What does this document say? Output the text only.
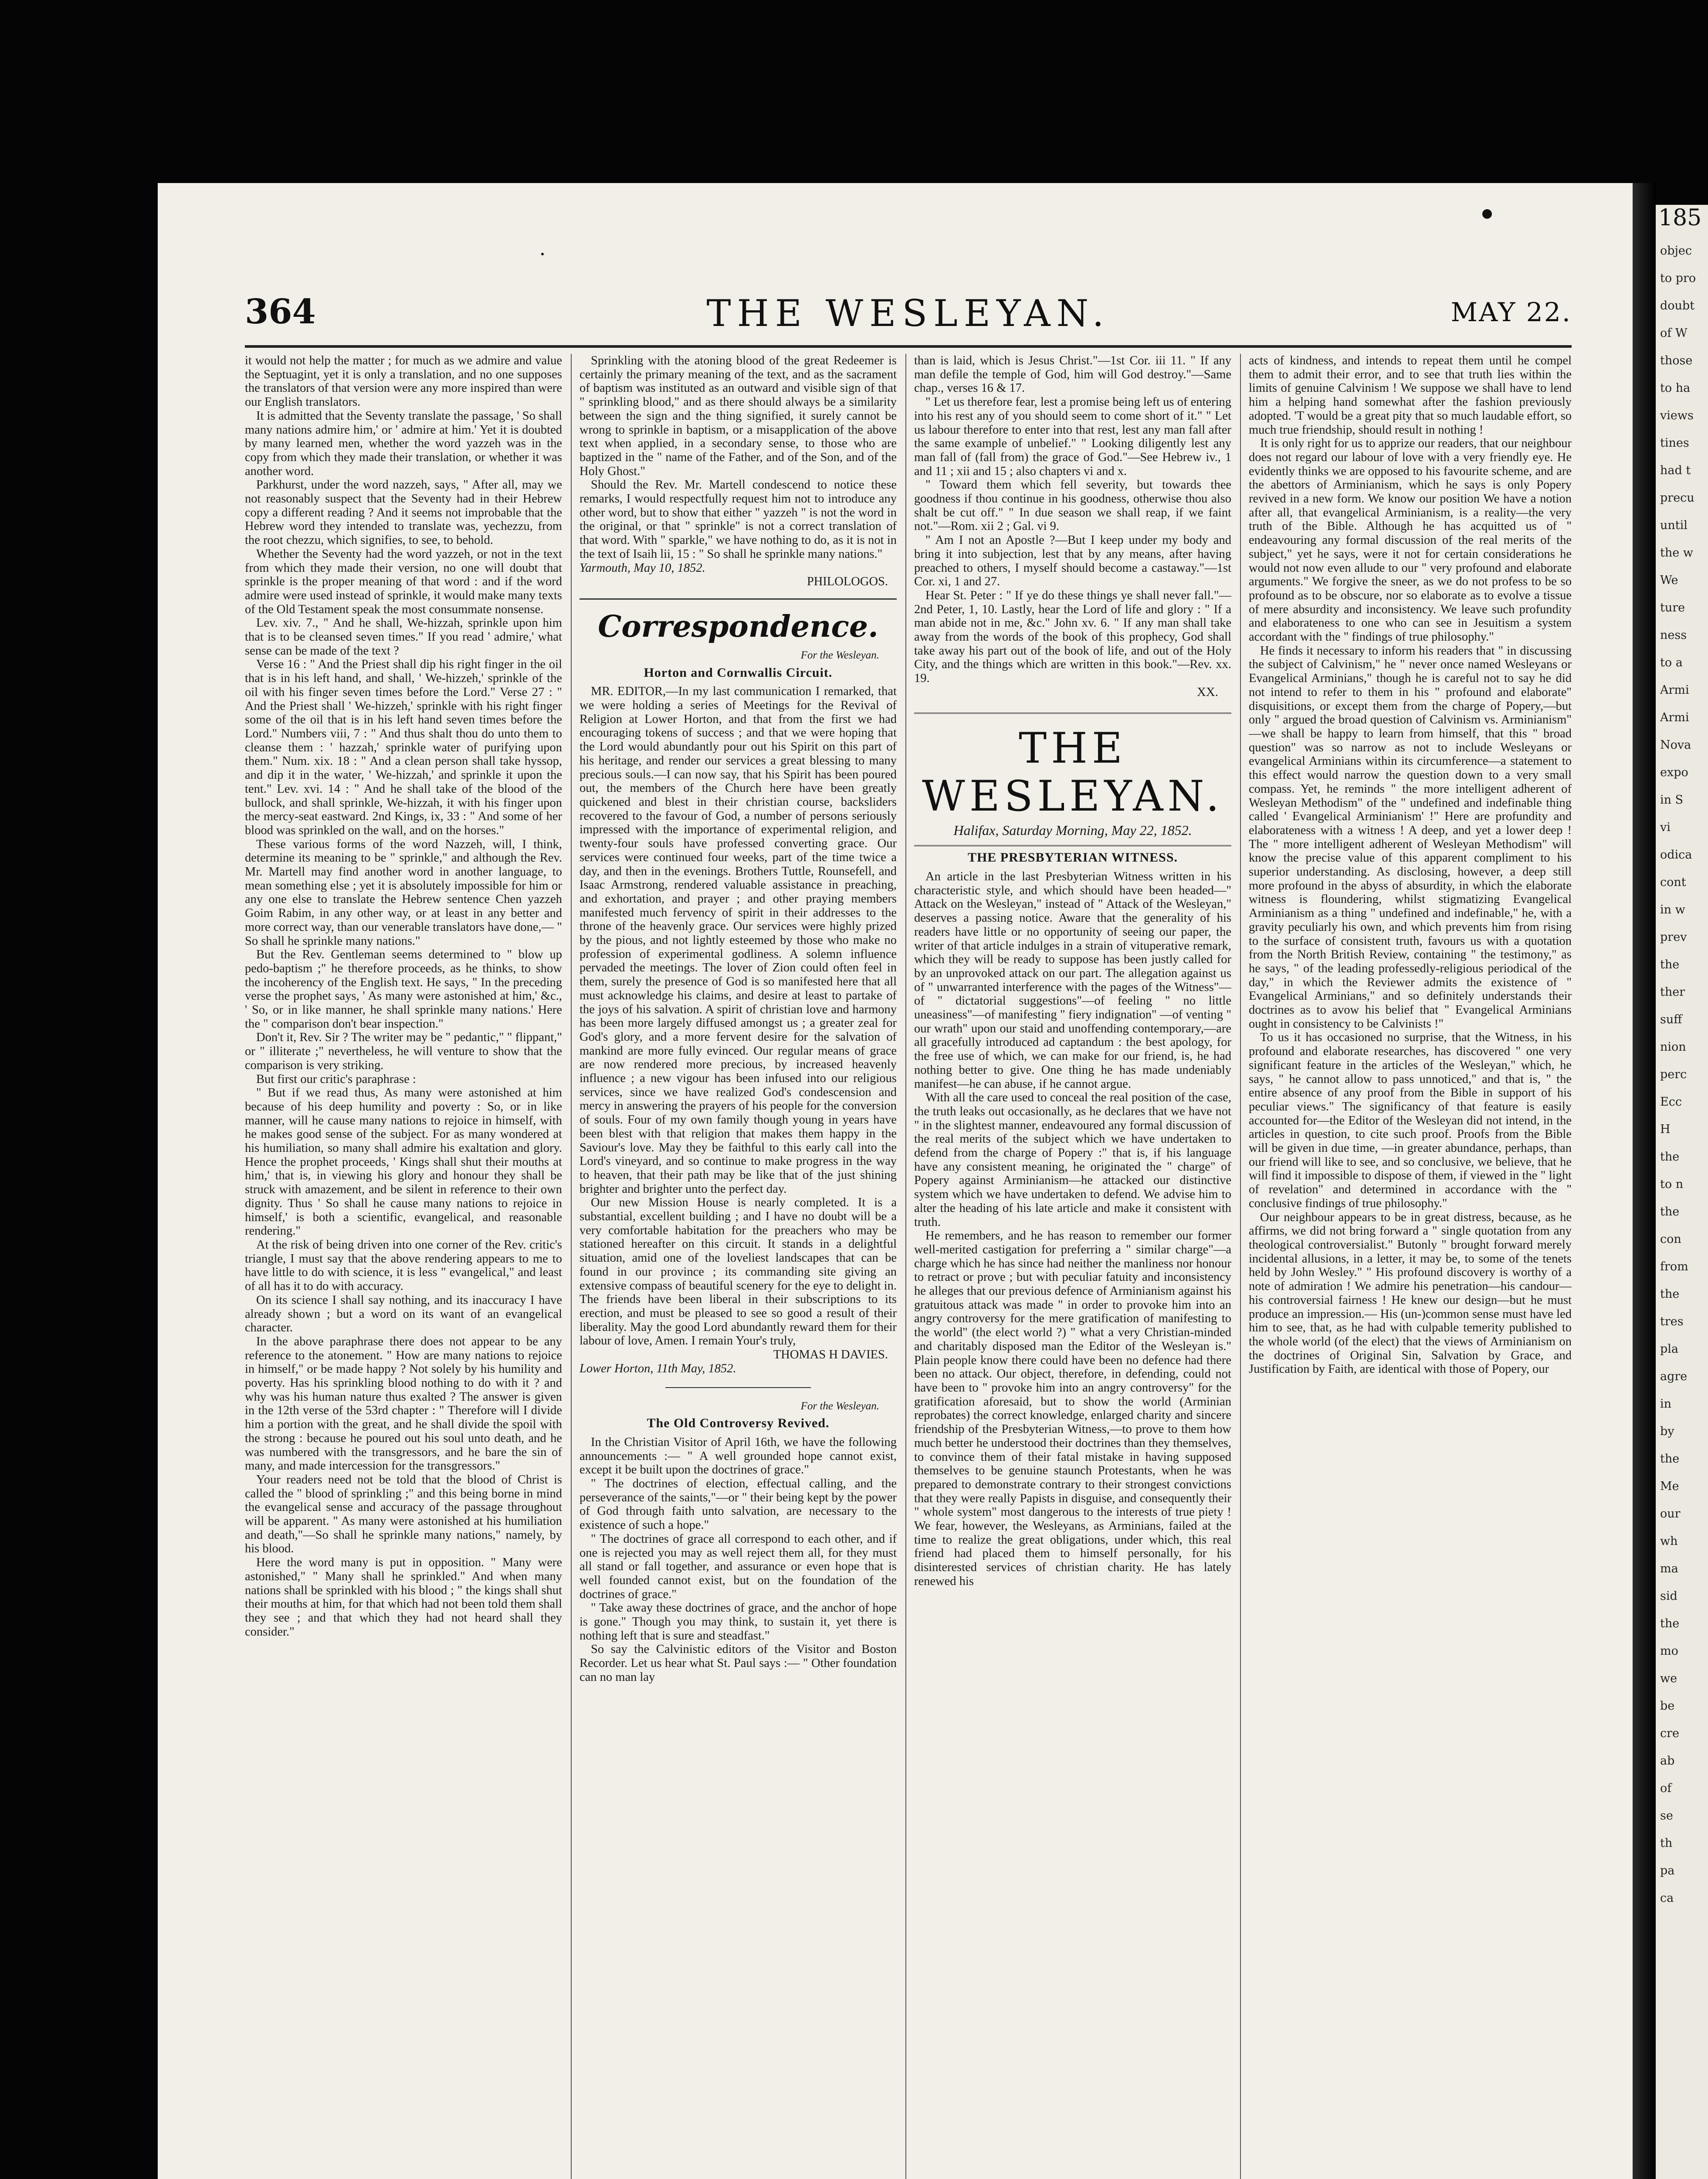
364	THE WESLEYAN.	MAY 22.

it would not help the matter ; for much as we admire and value the Septuagint, yet it is only a translation, and no one supposes the translators of that version were any more inspired than were our English translators.

It is admitted that the Seventy translate the passage, ' So shall many nations admire him,' or ' admire at him.' Yet it is doubted by many learned men, whether the word yazzeh was in the copy from which they made their translation, or whether it was another word.

Parkhurst, under the word nazzeh, says, " After all, may we not reasonably suspect that the Seventy had in their Hebrew copy a different reading ? And it seems not improbable that the Hebrew word they intended to translate was, yechezzu, from the root chezzu, which signifies, to see, to behold.

Whether the Seventy had the word yazzeh, or not in the text from which they made their version, no one will doubt that sprinkle is the proper meaning of that word : and if the word admire were used instead of sprinkle, it would make many texts of the Old Testament speak the most consummate nonsense.

Lev. xiv. 7., " And he shall, We-hizzah, sprinkle upon him that is to be cleansed seven times." If you read ' admire,' what sense can be made of the text ?

Verse 16 : " And the Priest shall dip his right finger in the oil that is in his left hand, and shall, ' We-hizzeh,' sprinkle of the oil with his finger seven times before the Lord." Verse 27 : " And the Priest shall ' We-hizzeh,' sprinkle with his right finger some of the oil that is in his left hand seven times before the Lord." Numbers viii, 7 : " And thus shalt thou do unto them to cleanse them : ' hazzah,' sprinkle water of purifying upon them." Num. xix. 18 : " And a clean person shall take hyssop, and dip it in the water, ' We-hizzah,' and sprinkle it upon the tent." Lev. xvi. 14 : " And he shall take of the blood of the bullock, and shall sprinkle, We-hizzah, it with his finger upon the mercy-seat eastward. 2nd Kings, ix, 33 : " And some of her blood was sprinkled on the wall, and on the horses."

These various forms of the word Nazzeh, will, I think, determine its meaning to be " sprinkle," and although the Rev. Mr. Martell may find another word in another language, to mean something else ; yet it is absolutely impossible for him or any one else to translate the Hebrew sentence Chen yazzeh Goim Rabim, in any other way, or at least in any better and more correct way, than our venerable translators have done,— " So shall he sprinkle many nations."

But the Rev. Gentleman seems determined to " blow up pedo-baptism ;" he therefore proceeds, as he thinks, to show the incoherency of the English text. He says, " In the preceding verse the prophet says, ' As many were astonished at him,' &c., ' So, or in like manner, he shall sprinkle many nations.' Here the " comparison don't bear inspection."

Don't it, Rev. Sir ? The writer may be " pedantic," " flippant," or " illiterate ;" nevertheless, he will venture to show that the comparison is very striking.

But first our critic's paraphrase :

" But if we read thus, As many were astonished at him because of his deep humility and poverty : So, or in like manner, will he cause many nations to rejoice in himself, with he makes good sense of the subject. For as many wondered at his humiliation, so many shall admire his exaltation and glory. Hence the prophet proceeds, ' Kings shall shut their mouths at him,' that is, in viewing his glory and honour they shall be struck with amazement, and be silent in reference to their own dignity. Thus ' So shall he cause many nations to rejoice in himself,' is both a scientific, evangelical, and reasonable rendering."

At the risk of being driven into one corner of the Rev. critic's triangle, I must say that the above rendering appears to me to have little to do with science, it is less " evangelical," and least of all has it to do with accuracy.

On its science I shall say nothing, and its inaccuracy I have already shown ; but a word on its want of an evangelical character.

In the above paraphrase there does not appear to be any reference to the atonement. " How are many nations to rejoice in himself," or be made happy ? Not solely by his humility and poverty. Has his sprinkling blood nothing to do with it ? and why was his human nature thus exalted ? The answer is given in the 12th verse of the 53rd chapter : " Therefore will I divide him a portion with the great, and he shall divide the spoil with the strong : because he poured out his soul unto death, and he was numbered with the transgressors, and he bare the sin of many, and made intercession for the transgressors."

Your readers need not be told that the blood of Christ is called the " blood of sprinkling ;" and this being borne in mind the evangelical sense and accuracy of the passage throughout will be apparent. " As many were astonished at his humiliation and death,"—So shall he sprinkle many nations," namely, by his blood.

Here the word many is put in opposition. " Many were astonished," " Many shall he sprinkled." And when many nations shall be sprinkled with his blood ; " the kings shall shut their mouths at him, for that which had not been told them shall they see ; and that which they had not heard shall they consider."

Sprinkling with the atoning blood of the great Redeemer is certainly the primary meaning of the text, and as the sacrament of baptism was instituted as an outward and visible sign of that " sprinkling blood," and as there should always be a similarity between the sign and the thing signified, it surely cannot be wrong to sprinkle in baptism, or a misapplication of the above text when applied, in a secondary sense, to those who are baptized in the " name of the Father, and of the Son, and of the Holy Ghost."

Should the Rev. Mr. Martell condescend to notice these remarks, I would respectfully request him not to introduce any other word, but to show that either " yazzeh " is not the word in the original, or that " sprinkle" is not a correct translation of that word. With " sparkle," we have nothing to do, as it is not in the text of Isaih lii, 15 : " So shall he sprinkle many nations."

Yarmouth, May 10, 1852.

PHILOLOGOS.
Correspondence.
For the Wesleyan.
Horton and Cornwallis Circuit.

MR. EDITOR,—In my last communication I remarked, that we were holding a series of Meetings for the Revival of Religion at Lower Horton, and that from the first we had encouraging tokens of success ; and that we were hoping that the Lord would abundantly pour out his Spirit on this part of his heritage, and render our services a great blessing to many precious souls.—I can now say, that his Spirit has been poured out, the members of the Church here have been greatly quickened and blest in their christian course, backsliders recovered to the favour of God, a number of persons seriously impressed with the importance of experimental religion, and twenty-four souls have professed converting grace. Our services were continued four weeks, part of the time twice a day, and then in the evenings. Brothers Tuttle, Rounsefell, and Isaac Armstrong, rendered valuable assistance in preaching, and exhortation, and prayer ; and other praying members manifested much fervency of spirit in their addresses to the throne of the heavenly grace. Our services were highly prized by the pious, and not lightly esteemed by those who make no profession of experimental godliness. A solemn influence pervaded the meetings. The lover of Zion could often feel in them, surely the presence of God is so manifested here that all must acknowledge his claims, and desire at least to partake of the joys of his salvation. A spirit of christian love and harmony has been more largely diffused amongst us ; a greater zeal for God's glory, and a more fervent desire for the salvation of mankind are more fully evinced. Our regular means of grace are now rendered more precious, by increased heavenly influence ; a new vigour has been infused into our religious services, since we have realized God's condescension and mercy in answering the prayers of his people for the conversion of souls. Four of my own family though young in years have been blest with that religion that makes them happy in the Saviour's love. May they be faithful to this early call into the Lord's vineyard, and so continue to make progress in the way to heaven, that their path may be like that of the just shining brighter and brighter unto the perfect day.

Our new Mission House is nearly completed. It is a substantial, excellent building ; and I have no doubt will be a very comfortable habitation for the preachers who may be stationed hereafter on this circuit. It stands in a delightful situation, amid one of the loveliest landscapes that can be found in our province ; its commanding site giving an extensive compass of beautiful scenery for the eye to delight in. The friends have been liberal in their subscriptions to its erection, and must be pleased to see so good a result of their liberality. May the good Lord abundantly reward them for their labour of love, Amen. I remain Your's truly,

THOMAS H DAVIES.

Lower Horton, 11th May, 1852.

For the Wesleyan.
The Old Controversy Revived.

In the Christian Visitor of April 16th, we have the following announcements :— " A well grounded hope cannot exist, except it be built upon the doctrines of grace."

" The doctrines of election, effectual calling, and the perseverance of the saints,"—or " their being kept by the power of God through faith unto salvation, are necessary to the existence of such a hope."

" The doctrines of grace all correspond to each other, and if one is rejected you may as well reject them all, for they must all stand or fall together, and assurance or even hope that is well founded cannot exist, but on the foundation of the doctrines of grace."

" Take away these doctrines of grace, and the anchor of hope is gone." Though you may think, to sustain it, yet there is nothing left that is sure and steadfast."

So say the Calvinistic editors of the Visitor and Boston Recorder. Let us hear what St. Paul says :— " Other foundation can no man lay

than is laid, which is Jesus Christ."—1st Cor. iii 11. " If any man defile the temple of God, him will God destroy."—Same chap., verses 16 & 17.

" Let us therefore fear, lest a promise being left us of entering into his rest any of you should seem to come short of it." " Let us labour therefore to enter into that rest, lest any man fall after the same example of unbelief." " Looking diligently lest any man fall of (fall from) the grace of God."—See Hebrew iv., 1 and 11 ; xii and 15 ; also chapters vi and x.

" Toward them which fell severity, but towards thee goodness if thou continue in his goodness, otherwise thou also shalt be cut off." " In due season we shall reap, if we faint not."—Rom. xii 2 ; Gal. vi 9.

" Am I not an Apostle ?—But I keep under my body and bring it into subjection, lest that by any means, after having preached to others, I myself should become a castaway."—1st Cor. xi, 1 and 27.

Hear St. Peter : " If ye do these things ye shall never fall."—2nd Peter, 1, 10. Lastly, hear the Lord of life and glory : " If a man abide not in me, &c." John xv. 6. " If any man shall take away from the words of the book of this prophecy, God shall take away his part out of the book of life, and out of the Holy City, and the things which are written in this book."—Rev. xx. 19.

XX.
THE WESLEYAN.
Halifax, Saturday Morning, May 22, 1852.
THE PRESBYTERIAN WITNESS.

An article in the last Presbyterian Witness written in his characteristic style, and which should have been headed—" Attack on the Wesleyan," instead of " Attack of the Wesleyan," deserves a passing notice. Aware that the generality of his readers have little or no opportunity of seeing our paper, the writer of that article indulges in a strain of vituperative remark, which they will be ready to suppose has been justly called for by an unprovoked attack on our part. The allegation against us of " unwarranted interference with the pages of the Witness"—of " dictatorial suggestions"—of feeling " no little uneasiness"—of manifesting " fiery indignation" —of venting " our wrath" upon our staid and unoffending contemporary,—are all gracefully introduced ad captandum : the best apology, for the free use of which, we can make for our friend, is, he had nothing better to give. One thing he has made undeniably manifest—he can abuse, if he cannot argue.

With all the care used to conceal the real position of the case, the truth leaks out occasionally, as he declares that we have not " in the slightest manner, endeavoured any formal discussion of the real merits of the subject which we have undertaken to defend from the charge of Popery :" that is, if his language have any consistent meaning, he originated the " charge" of Popery against Arminianism—he attacked our distinctive system which we have undertaken to defend. We advise him to alter the heading of his late article and make it consistent with truth.

He remembers, and he has reason to remember our former well-merited castigation for preferring a " similar charge"—a charge which he has since had neither the manliness nor honour to retract or prove ; but with peculiar fatuity and inconsistency he alleges that our previous defence of Arminianism against his gratuitous attack was made " in order to provoke him into an angry controversy for the mere gratification of manifesting to the world" (the elect world ?) " what a very Christian-minded and charitably disposed man the Editor of the Wesleyan is." Plain people know there could have been no defence had there been no attack. Our object, therefore, in defending, could not have been to " provoke him into an angry controversy" for the gratification aforesaid, but to show the world (Arminian reprobates) the correct knowledge, enlarged charity and sincere friendship of the Presbyterian Witness,—to prove to them how much better he understood their doctrines than they themselves, to convince them of their fatal mistake in having supposed themselves to be genuine staunch Protestants, when he was prepared to demonstrate contrary to their strongest convictions that they were really Papists in disguise, and consequently their " whole system" most dangerous to the interests of true piety ! We fear, however, the Wesleyans, as Arminians, failed at the time to realize the great obligations, under which, this real friend had placed them to himself personally, for his disinterested services of christian charity. He has lately renewed his

acts of kindness, and intends to repeat them until he compel them to admit their error, and to see that truth lies within the limits of genuine Calvinism ! We suppose we shall have to lend him a helping hand somewhat after the fashion previously adopted. 'T would be a great pity that so much laudable effort, so much true friendship, should result in nothing !

It is only right for us to apprize our readers, that our neighbour does not regard our labour of love with a very friendly eye. He evidently thinks we are opposed to his favourite scheme, and are the abettors of Arminianism, which he says is only Popery revived in a new form. We know our position We have a notion after all, that evangelical Arminianism, is a reality—the very truth of the Bible. Although he has acquitted us of " endeavouring any formal discussion of the real merits of the subject," yet he says, were it not for certain considerations he would not now even allude to our " very profound and elaborate arguments." We forgive the sneer, as we do not profess to be so profound as to be obscure, nor so elaborate as to evolve a tissue of mere absurdity and inconsistency. We leave such profundity and elaborateness to one who can see in Jesuitism a system accordant with the " findings of true philosophy."

He finds it necessary to inform his readers that " in discussing the subject of Calvinism," he " never once named Wesleyans or Evangelical Arminians," though he is careful not to say he did not intend to refer to them in his " profound and elaborate" disquisitions, or except them from the charge of Popery,—but only " argued the broad question of Calvinism vs. Arminianism" —we shall be happy to learn from himself, that this " broad question" was so narrow as not to include Wesleyans or evangelical Arminians within its circumference—a statement to this effect would narrow the question down to a very small compass. Yet, he reminds " the more intelligent adherent of Wesleyan Methodism" of the " undefined and indefinable thing called ' Evangelical Arminianism' !" Here are profundity and elaborateness with a witness ! A deep, and yet a lower deep ! The " more intelligent adherent of Wesleyan Methodism" will know the precise value of this apparent compliment to his superior understanding. As disclosing, however, a deep still more profound in the abyss of absurdity, in which the elaborate witness is floundering, whilst stigmatizing Evangelical Arminianism as a thing " undefined and indefinable," he, with a gravity peculiarly his own, and which prevents him from rising to the surface of consistent truth, favours us with a quotation from the North British Review, containing " the testimony," as he says, " of the leading professedly-religious periodical of the day," in which the Reviewer admits the existence of " Evangelical Arminians," and so definitely understands their doctrines as to avow his belief that " Evangelical Arminians ought in consistency to be Calvinists !"

To us it has occasioned no surprise, that the Witness, in his profound and elaborate researches, has discovered " one very significant feature in the articles of the Wesleyan," which, he says, " he cannot allow to pass unnoticed," and that is, " the entire absence of any proof from the Bible in support of his peculiar views." The significancy of that feature is easily accounted for—the Editor of the Wesleyan did not intend, in the articles in question, to cite such proof. Proofs from the Bible will be given in due time, —in greater abundance, perhaps, than our friend will like to see, and so conclusive, we believe, that he will find it impossible to dispose of them, if viewed in the " light of revelation" and determined in accordance with the " conclusive findings of true philosophy."

Our neighbour appears to be in great distress, because, as he affirms, we did not bring forward a " single quotation from any theological controversialist." Butonly " brought forward merely incidental allusions, in a letter, it may be, to some of the tenets held by John Wesley." " His profound discovery is worthy of a note of admiration ! We admire his penetration—his candour—his controversial fairness ! He knew our design—but he must produce an impression.— His (un-)common sense must have led him to see, that, as he had with culpable temerity published to the whole world (of the elect) that the views of Arminianism on the doctrines of Original Sin, Salvation by Grace, and Justification by Faith, are identical with those of Popery, our

185
objec
to pro
doubt
of W
those
to ha
views
tines
had t
precu
until
the w
We
ture
ness
to a
Armi
Armi
Nova
expo
in S
vi
odica
cont
in w
prev
the
ther
suff
nion
perc
Ecc
H
the
to n
the
con
from
the
tres
pla
agre
in
by
the
Me
our
wh
ma
sid
the
mo
we
be
cre
ab
of
se
th
pa
ca
